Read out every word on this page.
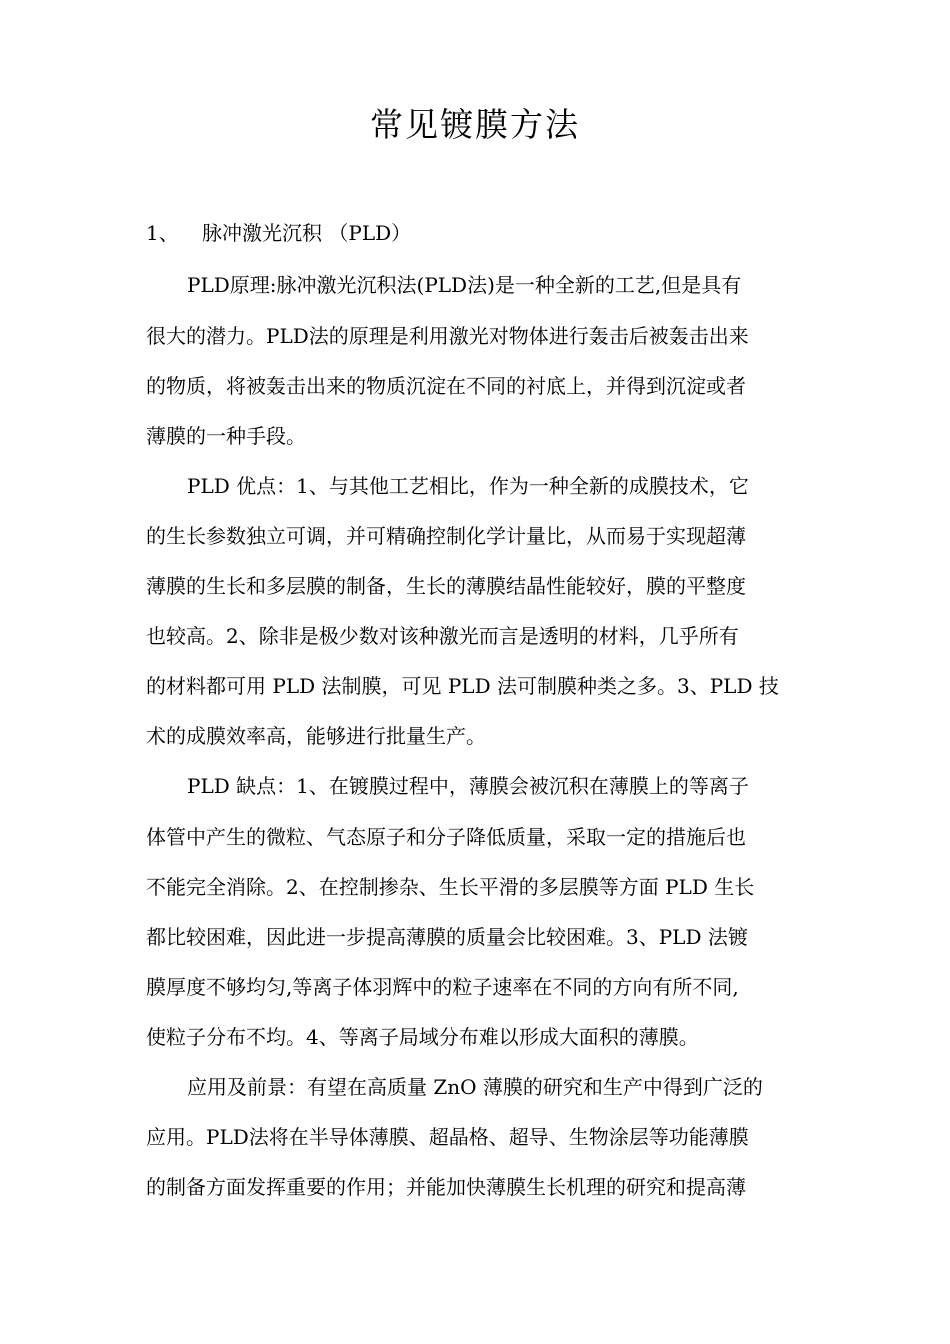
常见镀膜方法
1、 脉冲激光沉积 （PLD）
PLD原理:脉冲激光沉积法(PLD法)是一种全新的工艺,但是具有
很大的潜力。PLD法的原理是利用激光对物体进行轰击后被轰击出来
的物质，将被轰击出来的物质沉淀在不同的衬底上，并得到沉淀或者
薄膜的一种手段。
PLD 优点：1、与其他工艺相比，作为一种全新的成膜技术，它
的生长参数独立可调，并可精确控制化学计量比，从而易于实现超薄
薄膜的生长和多层膜的制备，生长的薄膜结晶性能较好，膜的平整度
也较高。2、除非是极少数对该种激光而言是透明的材料，几乎所有
的材料都可用 PLD 法制膜，可见 PLD 法可制膜种类之多。3、PLD 技
术的成膜效率高，能够进行批量生产。
PLD 缺点：1、在镀膜过程中，薄膜会被沉积在薄膜上的等离子
体管中产生的微粒、气态原子和分子降低质量，采取一定的措施后也
不能完全消除。2、在控制掺杂、生长平滑的多层膜等方面 PLD 生长
都比较困难，因此进一步提高薄膜的质量会比较困难。3、PLD 法镀
膜厚度不够均匀,等离子体羽辉中的粒子速率在不同的方向有所不同,
使粒子分布不均。4、等离子局域分布难以形成大面积的薄膜。
应用及前景：有望在高质量 ZnO 薄膜的研究和生产中得到广泛的
应用。PLD法将在半导体薄膜、超晶格、超导、生物涂层等功能薄膜
的制备方面发挥重要的作用；并能加快薄膜生长机理的研究和提高薄
